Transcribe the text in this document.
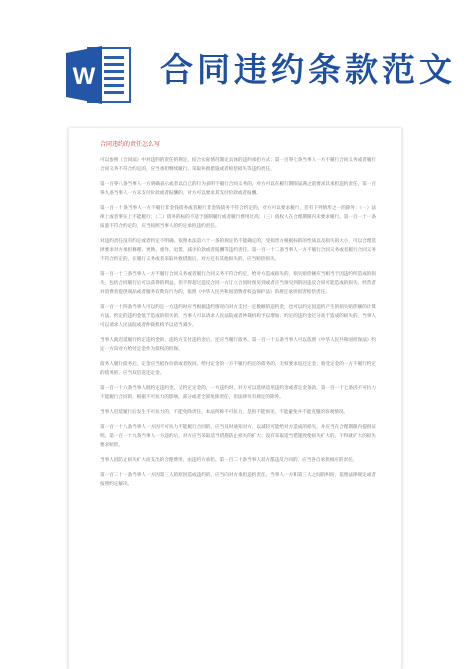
W 合同违约条款范文
合同违约的责任怎么写

可以参照《合同法》中对违约的责任的规定，结合实际情况制定具体的违约承担方式；第一百零七条当事人一方不履行合同义务或者履行合同义务不符合约定的，应当承担继续履行、采取补救措施或者赔偿损失等违约责任。

第一百零八条当事人一方明确表示或者以自己的行为表明不履行合同义务的，对方可以在履行期限届满之前要求其承担违约责任。第一百零九条当事人一方未支付价款或者报酬的，对方可以要求其支付价款或者报酬。

第一百一十条当事人一方不履行非金钱债务或者履行非金钱债务不符合约定的，对方可以要求履行，但有下列情形之一的除外：（一）法律上或者事实上不能履行；（二）债务的标的不适于强制履行或者履行费用过高；（三）债权人在合理期限内未要求履行。第一百一十一条质量不符合约定的，应当按照当事人的约定承担违约责任。

对违约责任没有约定或者约定不明确，依照本法第六十一条的规定仍不能确定的，受损害方根据标的的性质以及损失的大小，可以合理选择要求对方承担修理、更换、重作、退货、减少价款或者报酬等违约责任。第一百一十二条当事人一方不履行合同义务或者履行合同义务不符合约定的，在履行义务或者采取补救措施后，对方还有其他损失的，应当赔偿损失。

第一百一十三条当事人一方不履行合同义务或者履行合同义务不符合约定，给对方造成损失的，损失赔偿额应当相当于因违约所造成的损失，包括合同履行后可以获得的利益，但不得超过违反合同一方订立合同时预见到或者应当预见到的因违反合同可能造成的损失。经营者对消费者提供商品或者服务有欺诈行为的，依照《中华人民共和国消费者权益保护法》的规定承担损害赔偿责任。

第一百一十四条当事人可以约定一方违约时应当根据违约情况向对方支付一定数额的违约金，也可以约定因违约产生的损失赔偿额的计算方法。约定的违约金低于造成的损失的，当事人可以请求人民法院或者仲裁机构予以增加；约定的违约金过分高于造成的损失的，当事人可以请求人民法院或者仲裁机构予以适当减少。

当事人就迟延履行约定违约金的，违约方支付违约金后，还应当履行债务。第一百一十五条当事人可以依照《中华人民共和国担保法》约定一方向对方给付定金作为债权的担保。

债务人履行债务后，定金应当抵作价款或者收回。给付定金的一方不履行约定的债务的，无权要求返还定金；收受定金的一方不履行约定的债务的，应当双倍返还定金。

第一百一十六条当事人既约定违约金，又约定定金的，一方违约时，对方可以选择适用违约金或者定金条款。第一百一十七条因不可抗力不能履行合同的，根据不可抗力的影响，部分或者全部免除责任，但法律另有规定的除外。

当事人迟延履行后发生不可抗力的，不能免除责任。本法所称不可抗力，是指不能预见、不能避免并不能克服的客观情况。

第一百一十八条当事人一方因不可抗力不能履行合同的，应当及时通知对方，以减轻可能给对方造成的损失，并应当在合理期限内提供证明。第一百一十九条当事人一方违约后，对方应当采取适当措施防止损失的扩大；没有采取适当措施致使损失扩大的，不得就扩大的损失要求赔偿。

当事人因防止损失扩大而支出的合理费用，由违约方承担。第一百二十条当事人双方都违反合同的，应当各自承担相应的责任。

第一百二十一条当事人一方因第三人的原因造成违约的，应当向对方承担违约责任。当事人一方和第三人之间的纠纷，依照法律规定或者按照约定解决。
